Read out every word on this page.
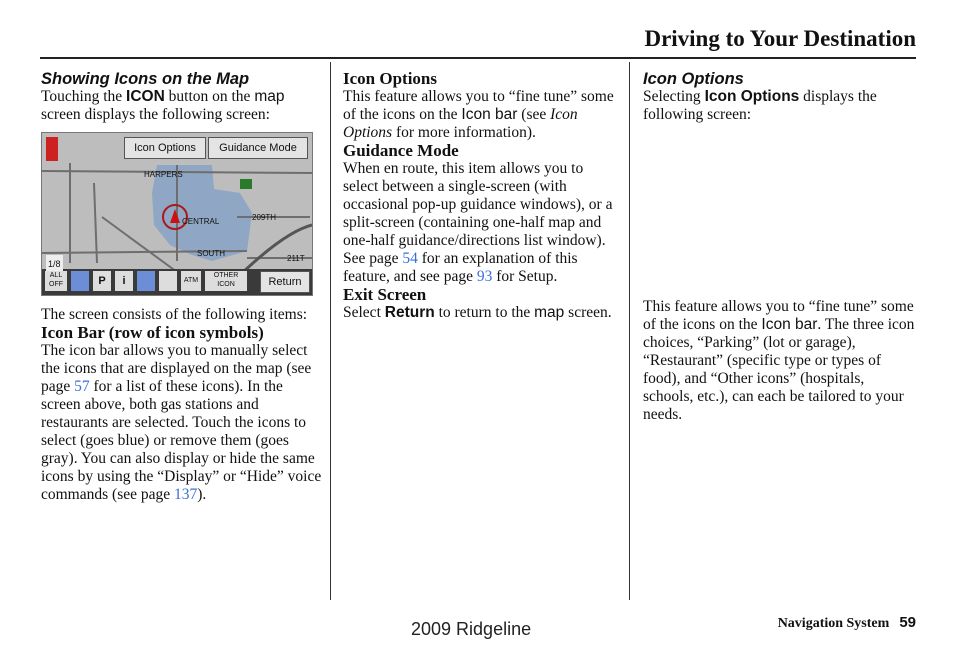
Driving to Your Destination

Showing Icons on the Map

Touching the ICON button on the map screen displays the following screen:

Icon Options	Guidance Mode
HARPERS
CENTRAL
SOUTH
209TH
211T
1/8
ALL
OFF	P	i	ATM
OTHER
ICON	Return

The screen consists of the following items:

Icon Bar (row of icon symbols)

The icon bar allows you to manually select the icons that are displayed on the map (see page 57 for a list of these icons). In the screen above, both gas stations and restaurants are selected. Touch the icons to select (goes blue) or remove them (goes gray). You can also display or hide the same icons by using the “Display” or “Hide” voice commands (see page 137).

Icon Options

This feature allows you to “fine tune” some of the icons on the Icon bar (see Icon Options for more information).

Guidance Mode

When en route, this item allows you to select between a single-screen (with occasional pop-up guidance windows), or a split-screen (containing one-half map and one-half guidance/directions list window). See page 54 for an explanation of this feature, and see page 93 for Setup.

Exit Screen

Select Return to return to the map screen.

Icon Options

Selecting Icon Options displays the following screen:

This feature allows you to “fine tune” some of the icons on the Icon bar. The three icon choices, “Parking” (lot or garage), “Restaurant” (specific type or types of food), and “Other icons” (hospitals, schools, etc.), can each be tailored to your needs.

Navigation System 59
2009 Ridgeline
